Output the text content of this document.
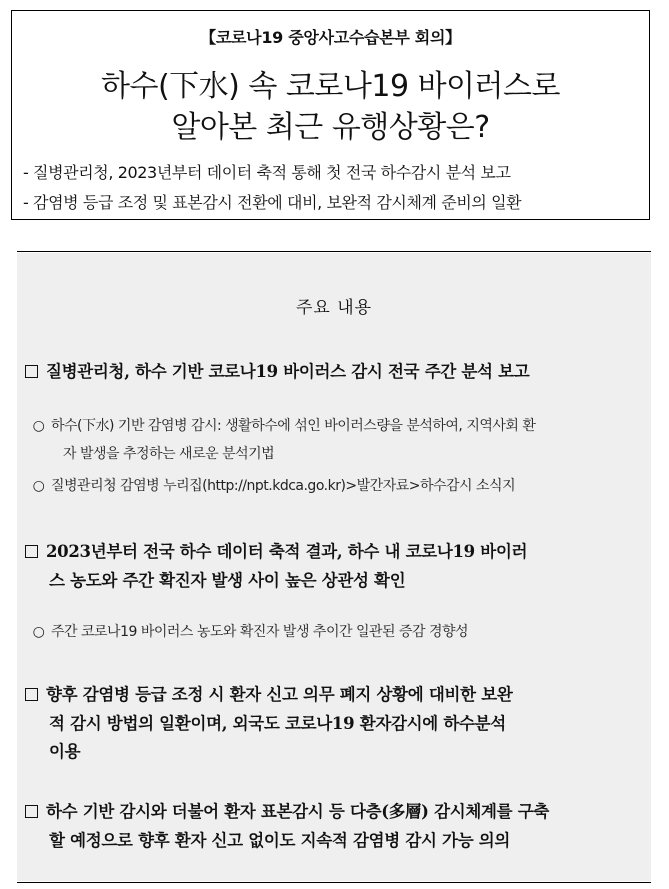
【코로나19 중앙사고수습본부 회의】
하수(下水) 속 코로나19 바이러스로
알아본 최근 유행상황은?
- 질병관리청, 2023년부터 데이터 축적 통해 첫 전국 하수감시 분석 보고
- 감염병 등급 조정 및 표본감시 전환에 대비, 보완적 감시체계 준비의 일환
주요 내용
질병관리청, 하수 기반 코로나19 바이러스 감시 전국 주간 분석 보고
○ 하수(下水) 기반 감염병 감시: 생활하수에 섞인 바이러스량을 분석하여, 지역사회 환
자 발생을 추정하는 새로운 분석기법
○ 질병관리청 감염병 누리집(http://npt.kdca.go.kr)>발간자료>하수감시 소식지
2023년부터 전국 하수 데이터 축적 결과, 하수 내 코로나19 바이러
스 농도와 주간 확진자 발생 사이 높은 상관성 확인
○ 주간 코로나19 바이러스 농도와 확진자 발생 추이간 일관된 증감 경향성
향후 감염병 등급 조정 시 환자 신고 의무 폐지 상황에 대비한 보완
적 감시 방법의 일환이며, 외국도 코로나19 환자감시에 하수분석
이용
하수 기반 감시와 더불어 환자 표본감시 등 다층(多層) 감시체계를 구축
할 예정으로 향후 환자 신고 없이도 지속적 감염병 감시 가능 의의
